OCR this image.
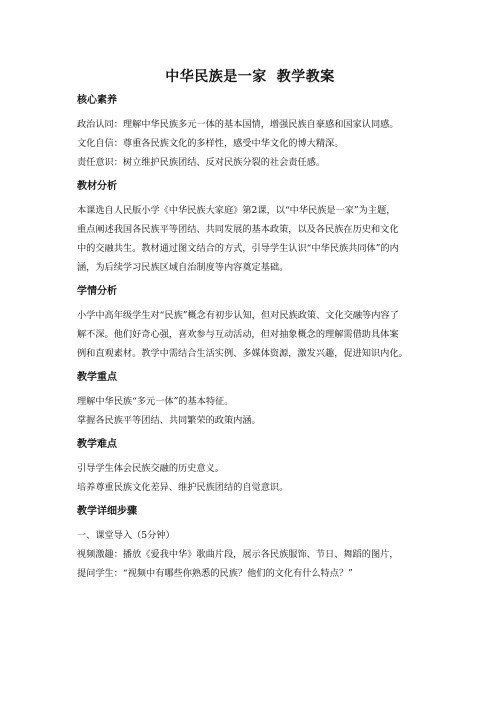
中华民族是一家 教学教案

核心素养

政治认同：理解中华民族多元一体的基本国情，增强民族自豪感和国家认同感。

文化自信：尊重各民族文化的多样性，感受中华文化的博大精深。

责任意识：树立维护民族团结、反对民族分裂的社会责任感。

教材分析

本课选自人民版小学《中华民族大家庭》第2课，以“中华民族是一家”为主题，

重点阐述我国各民族平等团结、共同发展的基本政策，以及各民族在历史和文化

中的交融共生。教材通过图文结合的方式，引导学生认识“中华民族共同体”的内

涵，为后续学习民族区域自治制度等内容奠定基础。

学情分析

小学中高年级学生对“民族”概念有初步认知，但对民族政策、文化交融等内容了

解不深。他们好奇心强，喜欢参与互动活动，但对抽象概念的理解需借助具体案

例和直观素材。教学中需结合生活实例、多媒体资源，激发兴趣，促进知识内化。

教学重点

理解中华民族“多元一体”的基本特征。

掌握各民族平等团结、共同繁荣的政策内涵。

教学难点

引导学生体会民族交融的历史意义。

培养尊重民族文化差异、维护民族团结的自觉意识。

教学详细步骤

一、课堂导入（5分钟）

视频激趣：播放《爱我中华》歌曲片段，展示各民族服饰、节日、舞蹈的图片，

提问学生：“视频中有哪些你熟悉的民族？他们的文化有什么特点？”
